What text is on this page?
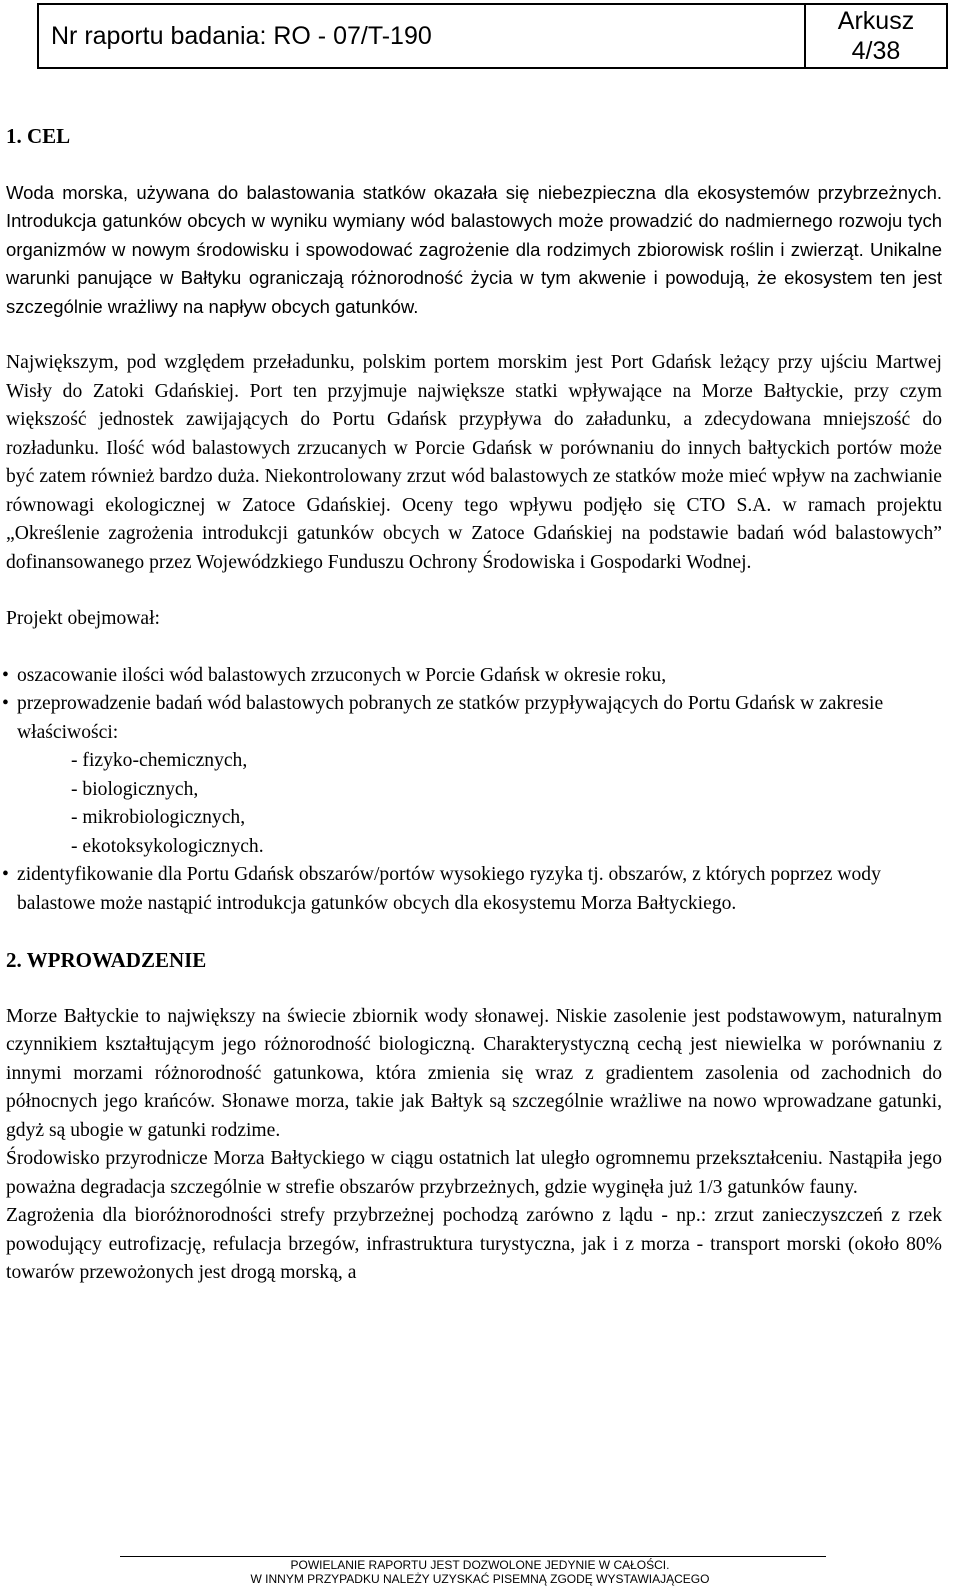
Nr raportu badania: RO - 07/T-190
Arkusz
4/38
1. CEL

Woda morska, używana do balastowania statków okazała się niebezpieczna dla ekosystemów przybrzeżnych. Introdukcja gatunków obcych w wyniku wymiany wód balastowych może prowadzić do nadmiernego rozwoju tych organizmów w nowym środowisku i spowodować zagrożenie dla rodzimych zbiorowisk roślin i zwierząt. Unikalne warunki panujące w Bałtyku ograniczają różnorodność życia w tym akwenie i powodują, że ekosystem ten jest szczególnie wrażliwy na napływ obcych gatunków.

Największym, pod względem przeładunku, polskim portem morskim jest Port Gdańsk leżący przy ujściu Martwej Wisły do Zatoki Gdańskiej. Port ten przyjmuje największe statki wpływające na Morze Bałtyckie, przy czym większość jednostek zawijających do Portu Gdańsk przypływa do załadunku, a zdecydowana mniejszość do rozładunku. Ilość wód balastowych zrzucanych w Porcie Gdańsk w porównaniu do innych bałtyckich portów może być zatem również bardzo duża. Niekontrolowany zrzut wód balastowych ze statków może mieć wpływ na zachwianie równowagi ekologicznej w Zatoce Gdańskiej. Oceny tego wpływu podjęło się CTO S.A. w ramach projektu „Określenie zagrożenia introdukcji gatunków obcych w Zatoce Gdańskiej na podstawie badań wód balastowych” dofinansowanego przez Wojewódzkiego Funduszu Ochrony Środowiska i Gospodarki Wodnej.

Projekt obejmował:

• oszacowanie ilości wód balastowych zrzuconych w Porcie Gdańsk w okresie roku,
• przeprowadzenie badań wód balastowych pobranych ze statków przypływających do Portu Gdańsk w zakresie właściwości:
- fizyko-chemicznych,
- biologicznych,
- mikrobiologicznych,
- ekotoksykologicznych.
• zidentyfikowanie dla Portu Gdańsk obszarów/portów wysokiego ryzyka tj. obszarów, z których poprzez wody balastowe może nastąpić introdukcja gatunków obcych dla ekosystemu Morza Bałtyckiego.
2. WPROWADZENIE

Morze Bałtyckie to największy na świecie zbiornik wody słonawej. Niskie zasolenie jest podstawowym, naturalnym czynnikiem kształtującym jego różnorodność biologiczną. Charakterystyczną cechą jest niewielka w porównaniu z innymi morzami różnorodność gatunkowa, która zmienia się wraz z gradientem zasolenia od zachodnich do północnych jego krańców. Słonawe morza, takie jak Bałtyk są szczególnie wrażliwe na nowo wprowadzane gatunki, gdyż są ubogie w gatunki rodzime.

Środowisko przyrodnicze Morza Bałtyckiego w ciągu ostatnich lat uległo ogromnemu przekształceniu. Nastąpiła jego poważna degradacja szczególnie w strefie obszarów przybrzeżnych, gdzie wyginęła już 1/3 gatunków fauny.

Zagrożenia dla bioróżnorodności strefy przybrzeżnej pochodzą zarówno z lądu - np.: zrzut zanieczyszczeń z rzek powodujący eutrofizację, refulacja brzegów, infrastruktura turystyczna, jak i z morza - transport morski (około 80% towarów przewożonych jest drogą morską, a

POWIELANIE RAPORTU JEST DOZWOLONE JEDYNIE W CAŁOŚCI.
W INNYM PRZYPADKU NALEŻY UZYSKAĆ PISEMNĄ ZGODĘ WYSTAWIAJĄCEGO
